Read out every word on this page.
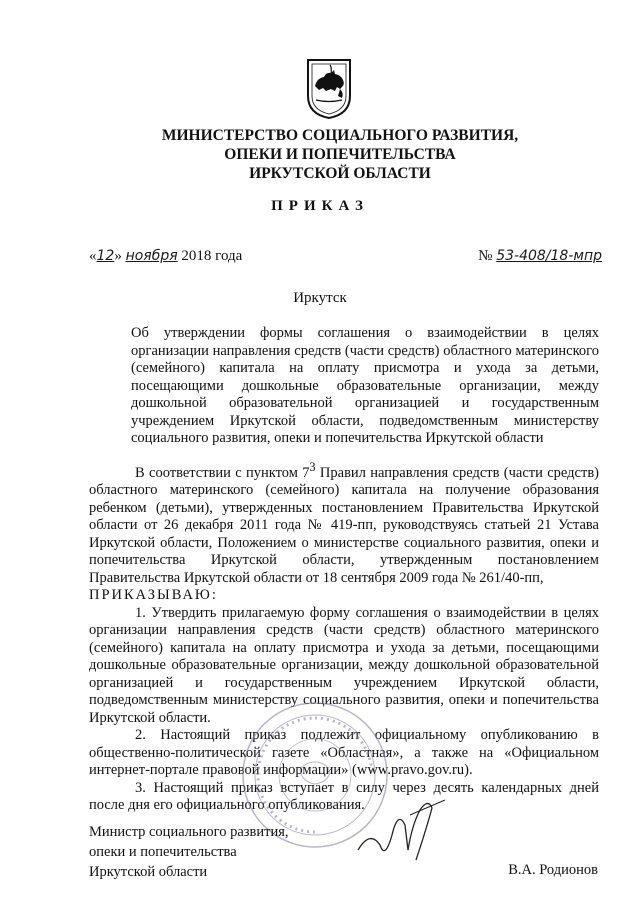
МИНИСТЕРСТВО СОЦИАЛЬНОГО РАЗВИТИЯ,
ОПЕКИ И ПОПЕЧИТЕЛЬСТВА
ИРКУТСКОЙ ОБЛАСТИ
ПРИКАЗ
«12» ноября 2018 года	№ 53-408/18-мпр
Иркутск
Об утверждении формы соглашения о взаимодействии в целях организации направления средств (части средств) областного материнского (семейного) капитала на оплату присмотра и ухода за детьми, посещающими дошкольные образовательные организации, между дошкольной образовательной организацией и государственным учреждением Иркутской области, подведомственным министерству социального развития, опеки и попечительства Иркутской области

В соответствии с пунктом $7^3$ Правил направления средств (части средств) областного материнского (семейного) капитала на получение образования ребенком (детьми), утвержденных постановлением Правительства Иркутской области от 26 декабря 2011 года № 419-пп, руководствуясь статьей 21 Устава Иркутской области, Положением о министерстве социального развития, опеки и попечительства Иркутской области, утвержденным постановлением Правительства Иркутской области от 18 сентября 2009 года № 261/40-пп,

ПРИКАЗЫВАЮ:

1. Утвердить прилагаемую форму соглашения о взаимодействии в целях организации направления средств (части средств) областного материнского (семейного) капитала на оплату присмотра и ухода за детьми, посещающими дошкольные образовательные организации, между дошкольной образовательной организацией и государственным учреждением Иркутской области, подведомственным министерству социального развития, опеки и попечительства Иркутской области.

2. Настоящий приказ подлежит официальному опубликованию в общественно-политической газете «Областная», а также на «Официальном интернет-портале правовой информации» (www.pravo.gov.ru).

3. Настоящий приказ вступает в силу через десять календарных дней после дня его официального опубликования.

Министр социального развития,
опеки и попечительства
Иркутской области	В.А. Родионов
